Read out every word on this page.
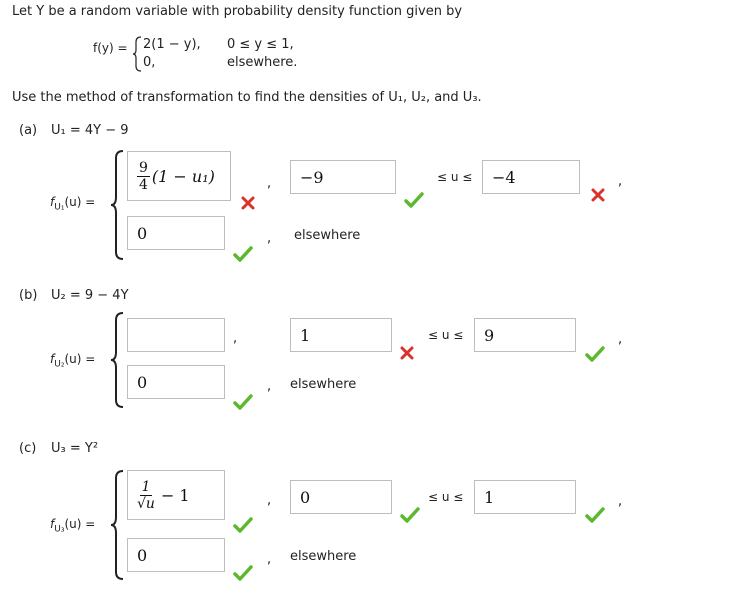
Let Y be a random variable with probability density function given by
f(y) = 2(1 − y), 0 ≤ y ≤ 1,
0,	elsewhere.
Use the method of transformation to find the densities of U₁, U₂, and U₃.
(a) U₁ = 4Y − 9
$f_{U_1}(u)$ =
$\frac{9}{4} (1 - u_1)$	,	−9	≤ u ≤	−4	,
0	, elsewhere
(b) U₂ = 9 − 4Y
$f_{U_2}(u)$ =
,	1	≤ u ≤	9	,
0	, elsewhere
(c) U₃ = Y²
$f_{U_3}(u)$ =
$\frac{1}{√u} - 1$	,	0	≤ u ≤	1	,
0	, elsewhere
